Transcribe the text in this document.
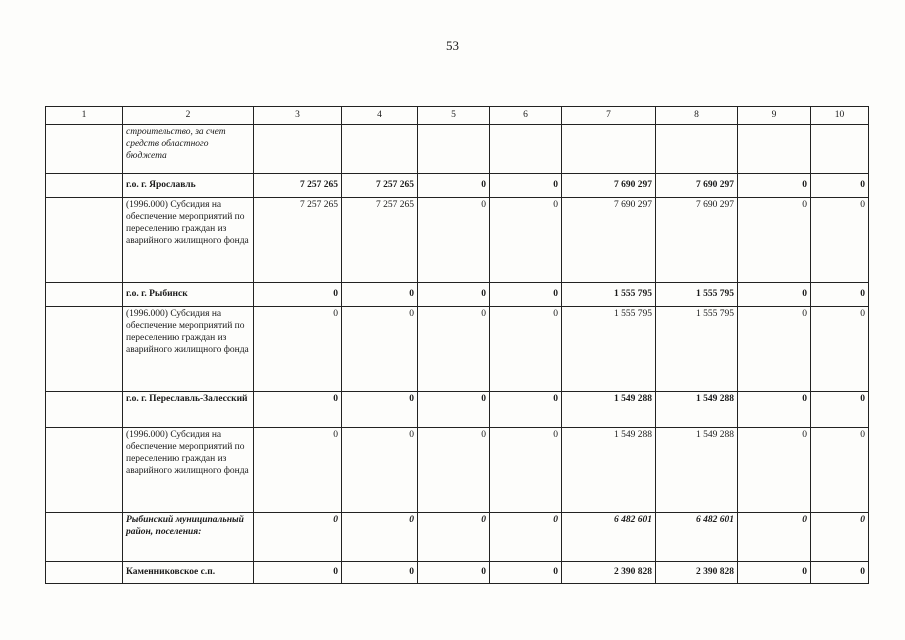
53
1	2	3	4	5	6	7	8	9	10
	строительство, за счет средств областного бюджета								
	г.о. г. Ярославль	7 257 265	7 257 265	0	0	7 690 297	7 690 297	0	0
	(1996.000) Субсидия на обеспечение мероприятий по переселению граждан из аварийного жилищного фонда	7 257 265	7 257 265	0	0	7 690 297	7 690 297	0	0
	г.о. г. Рыбинск	0	0	0	0	1 555 795	1 555 795	0	0
	(1996.000) Субсидия на обеспечение мероприятий по переселению граждан из аварийного жилищного фонда	0	0	0	0	1 555 795	1 555 795	0	0
	г.о. г. Переславль-Залесский	0	0	0	0	1 549 288	1 549 288	0	0
	(1996.000) Субсидия на обеспечение мероприятий по переселению граждан из аварийного жилищного фонда	0	0	0	0	1 549 288	1 549 288	0	0
	Рыбинский муниципальный район, поселения:	0	0	0	0	6 482 601	6 482 601	0	0
	Каменниковское с.п.	0	0	0	0	2 390 828	2 390 828	0	0
